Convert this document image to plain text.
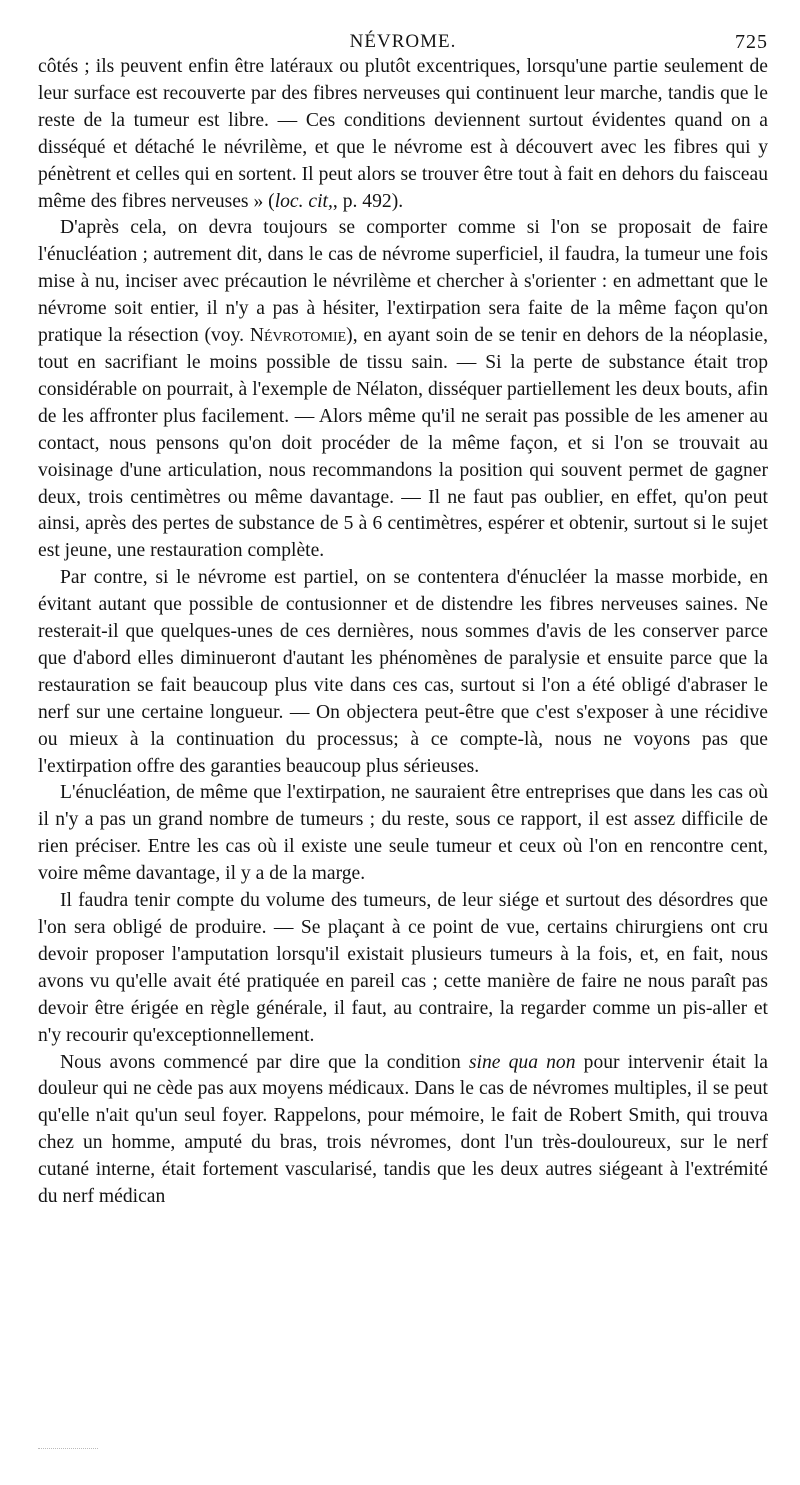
NÉVROME.	725

côtés ; ils peuvent enfin être latéraux ou plutôt excentriques, lorsqu'une partie seulement de leur surface est recouverte par des fibres nerveuses qui continuent leur marche, tandis que le reste de la tumeur est libre. — Ces conditions deviennent surtout évidentes quand on a disséqué et détaché le névrilème, et que le névrome est à découvert avec les fibres qui y pénètrent et celles qui en sortent. Il peut alors se trouver être tout à fait en dehors du faisceau même des fibres nerveuses » (loc. cit,, p. 492).

D'après cela, on devra toujours se comporter comme si l'on se proposait de faire l'énucléation ; autrement dit, dans le cas de névrome superficiel, il faudra, la tumeur une fois mise à nu, inciser avec précaution le névrilème et chercher à s'orienter : en admettant que le névrome soit entier, il n'y a pas à hésiter, l'extirpation sera faite de la même façon qu'on pratique la résection (voy. Névrotomie), en ayant soin de se tenir en dehors de la néoplasie, tout en sacrifiant le moins possible de tissu sain. — Si la perte de substance était trop considérable on pourrait, à l'exemple de Nélaton, disséquer partiellement les deux bouts, afin de les affronter plus facilement. — Alors même qu'il ne serait pas possible de les amener au contact, nous pensons qu'on doit procéder de la même façon, et si l'on se trouvait au voisinage d'une articulation, nous recommandons la position qui souvent permet de gagner deux, trois centimètres ou même davantage. — Il ne faut pas oublier, en effet, qu'on peut ainsi, après des pertes de substance de 5 à 6 centimètres, espérer et obtenir, surtout si le sujet est jeune, une restauration complète.

Par contre, si le névrome est partiel, on se contentera d'énucléer la masse morbide, en évitant autant que possible de contusionner et de distendre les fibres nerveuses saines. Ne resterait-il que quelques-unes de ces dernières, nous sommes d'avis de les conserver parce que d'abord elles diminueront d'autant les phénomènes de paralysie et ensuite parce que la restauration se fait beaucoup plus vite dans ces cas, surtout si l'on a été obligé d'abraser le nerf sur une certaine longueur. — On objectera peut-être que c'est s'exposer à une récidive ou mieux à la continuation du processus; à ce compte-là, nous ne voyons pas que l'extirpation offre des garanties beaucoup plus sérieuses.

L'énucléation, de même que l'extirpation, ne sauraient être entreprises que dans les cas où il n'y a pas un grand nombre de tumeurs ; du reste, sous ce rapport, il est assez difficile de rien préciser. Entre les cas où il existe une seule tumeur et ceux où l'on en rencontre cent, voire même davantage, il y a de la marge.

Il faudra tenir compte du volume des tumeurs, de leur siége et surtout des désordres que l'on sera obligé de produire. — Se plaçant à ce point de vue, certains chirurgiens ont cru devoir proposer l'amputation lorsqu'il existait plusieurs tumeurs à la fois, et, en fait, nous avons vu qu'elle avait été pratiquée en pareil cas ; cette manière de faire ne nous paraît pas devoir être érigée en règle générale, il faut, au contraire, la regarder comme un pis-aller et n'y recourir qu'exceptionnellement.

Nous avons commencé par dire que la condition sine qua non pour intervenir était la douleur qui ne cède pas aux moyens médicaux. Dans le cas de névromes multiples, il se peut qu'elle n'ait qu'un seul foyer. Rappelons, pour mémoire, le fait de Robert Smith, qui trouva chez un homme, amputé du bras, trois névromes, dont l'un très-douloureux, sur le nerf cutané interne, était fortement vascularisé, tandis que les deux autres siégeant à l'extrémité du nerf médican
